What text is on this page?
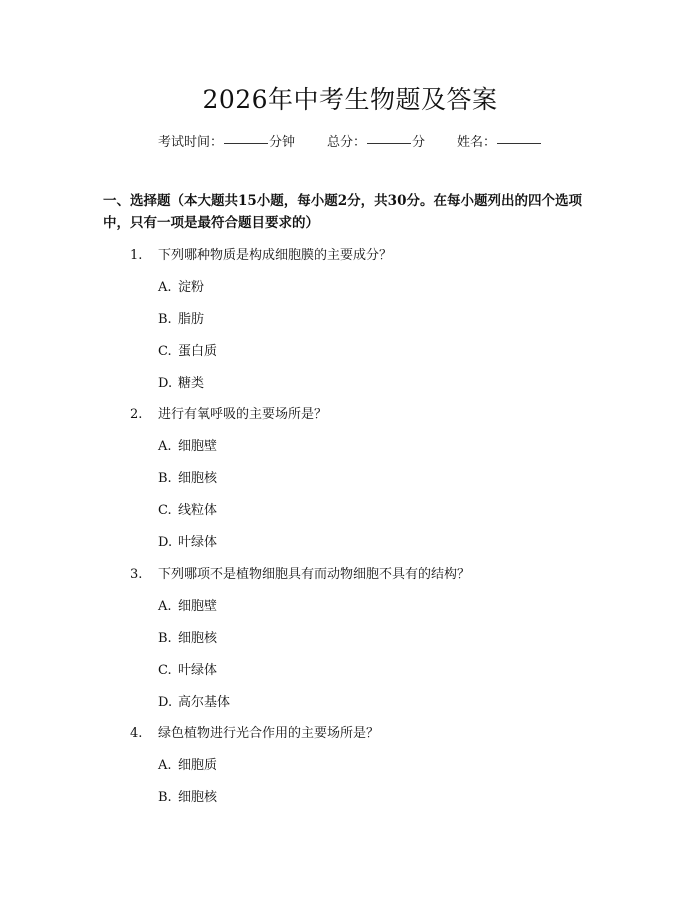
2026年中考生物题及答案
考试时间：	分钟 总分：	分 姓名：
一、选择题（本大题共15小题，每小题2分，共30分。在每小题列出的四个选项中，只有一项是最符合题目要求的）
1. 下列哪种物质是构成细胞膜的主要成分？
A. 淀粉
B. 脂肪
C. 蛋白质
D. 糖类
2. 进行有氧呼吸的主要场所是？
A. 细胞壁
B. 细胞核
C. 线粒体
D. 叶绿体
3. 下列哪项不是植物细胞具有而动物细胞不具有的结构？
A. 细胞壁
B. 细胞核
C. 叶绿体
D. 高尔基体
4. 绿色植物进行光合作用的主要场所是？
A. 细胞质
B. 细胞核
